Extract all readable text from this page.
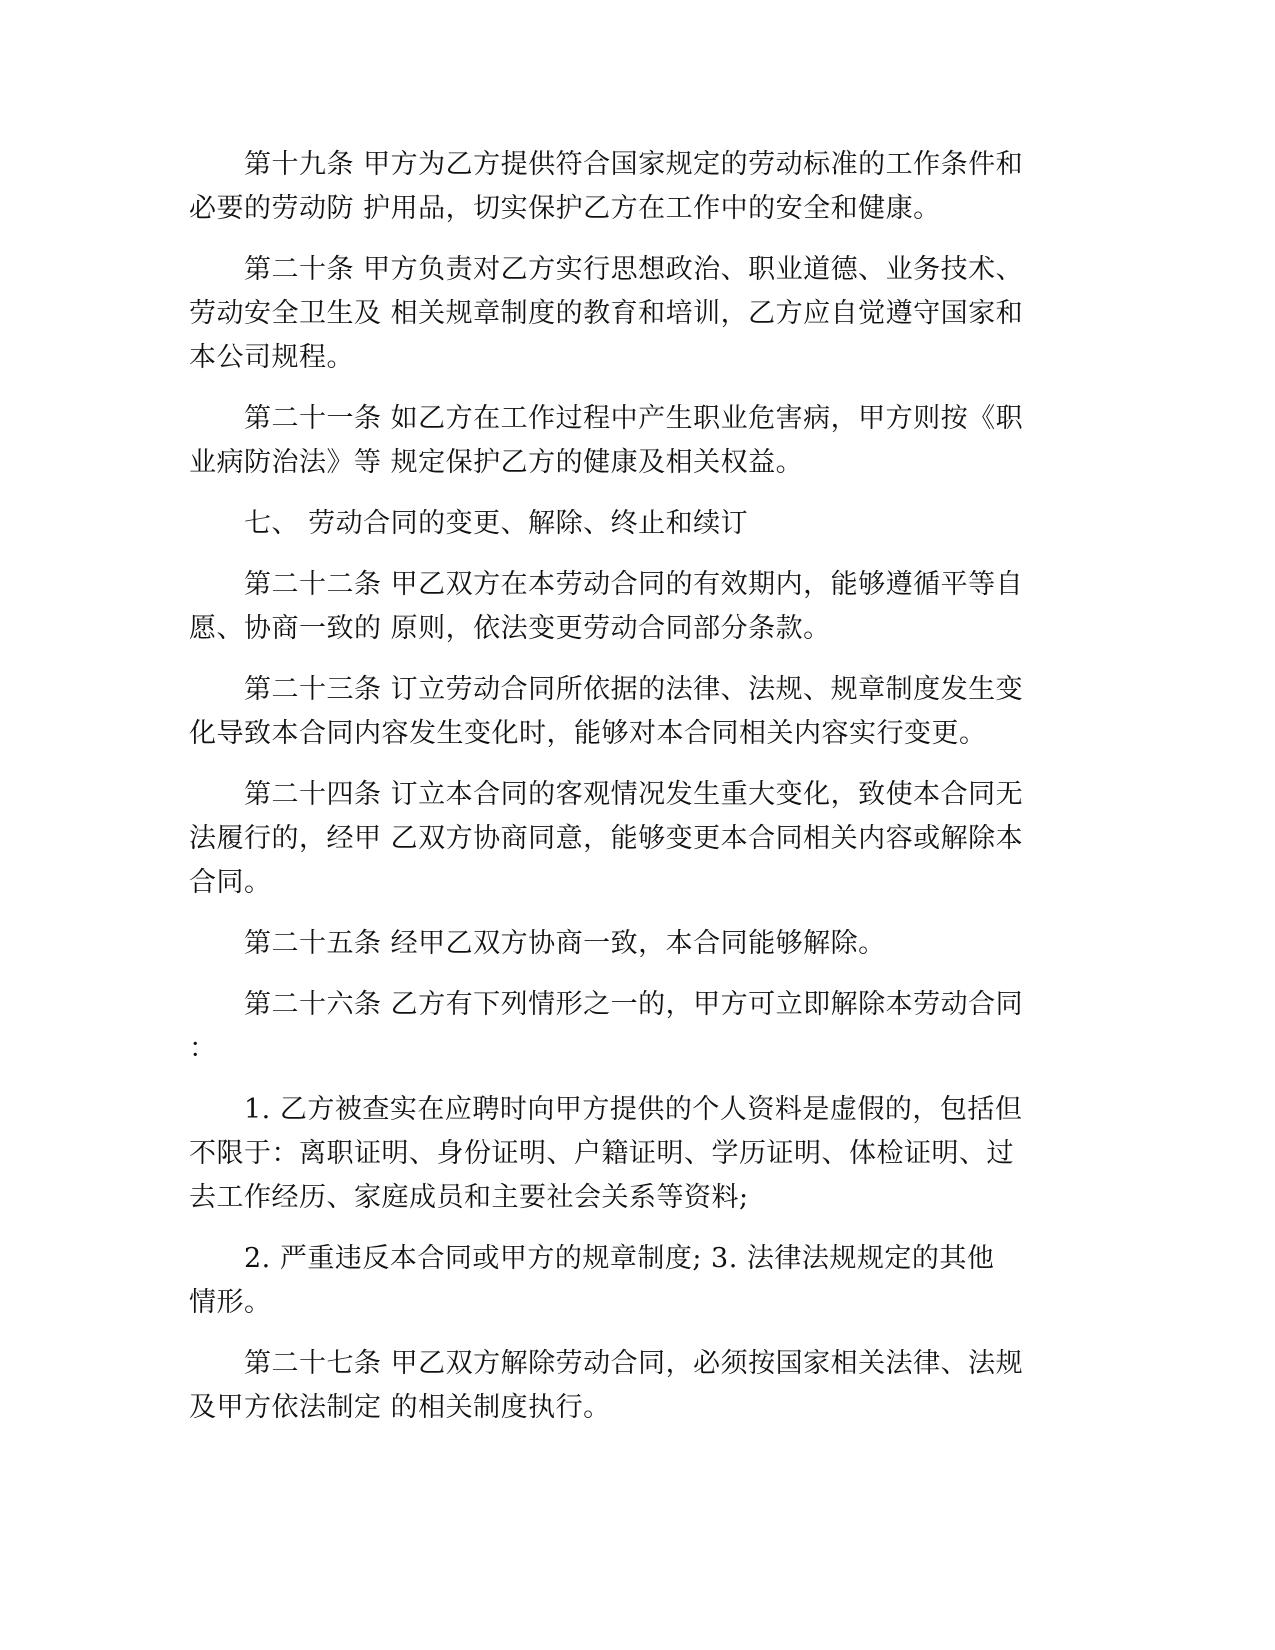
第十九条 甲方为乙方提供符合国家规定的劳动标准的工作条件和
必要的劳动防 护用品，切实保护乙方在工作中的安全和健康。

第二十条 甲方负责对乙方实行思想政治、职业道德、业务技术、
劳动安全卫生及 相关规章制度的教育和培训，乙方应自觉遵守国家和
本公司规程。

第二十一条 如乙方在工作过程中产生职业危害病，甲方则按《职
业病防治法》等 规定保护乙方的健康及相关权益。

七、 劳动合同的变更、解除、终止和续订

第二十二条 甲乙双方在本劳动合同的有效期内，能够遵循平等自
愿、协商一致的 原则，依法变更劳动合同部分条款。

第二十三条 订立劳动合同所依据的法律、法规、规章制度发生变
化导致本合同内容发生变化时，能够对本合同相关内容实行变更。

第二十四条 订立本合同的客观情况发生重大变化，致使本合同无
法履行的，经甲 乙双方协商同意，能够变更本合同相关内容或解除本
合同。

第二十五条 经甲乙双方协商一致，本合同能够解除。

第二十六条 乙方有下列情形之一的，甲方可立即解除本劳动合同
：

1. 乙方被查实在应聘时向甲方提供的个人资料是虚假的，包括但
不限于：离职证明、身份证明、户籍证明、学历证明、体检证明、过
去工作经历、家庭成员和主要社会关系等资料;

2. 严重违反本合同或甲方的规章制度; 3. 法律法规规定的其他
情形。

第二十七条 甲乙双方解除劳动合同，必须按国家相关法律、法规
及甲方依法制定 的相关制度执行。
